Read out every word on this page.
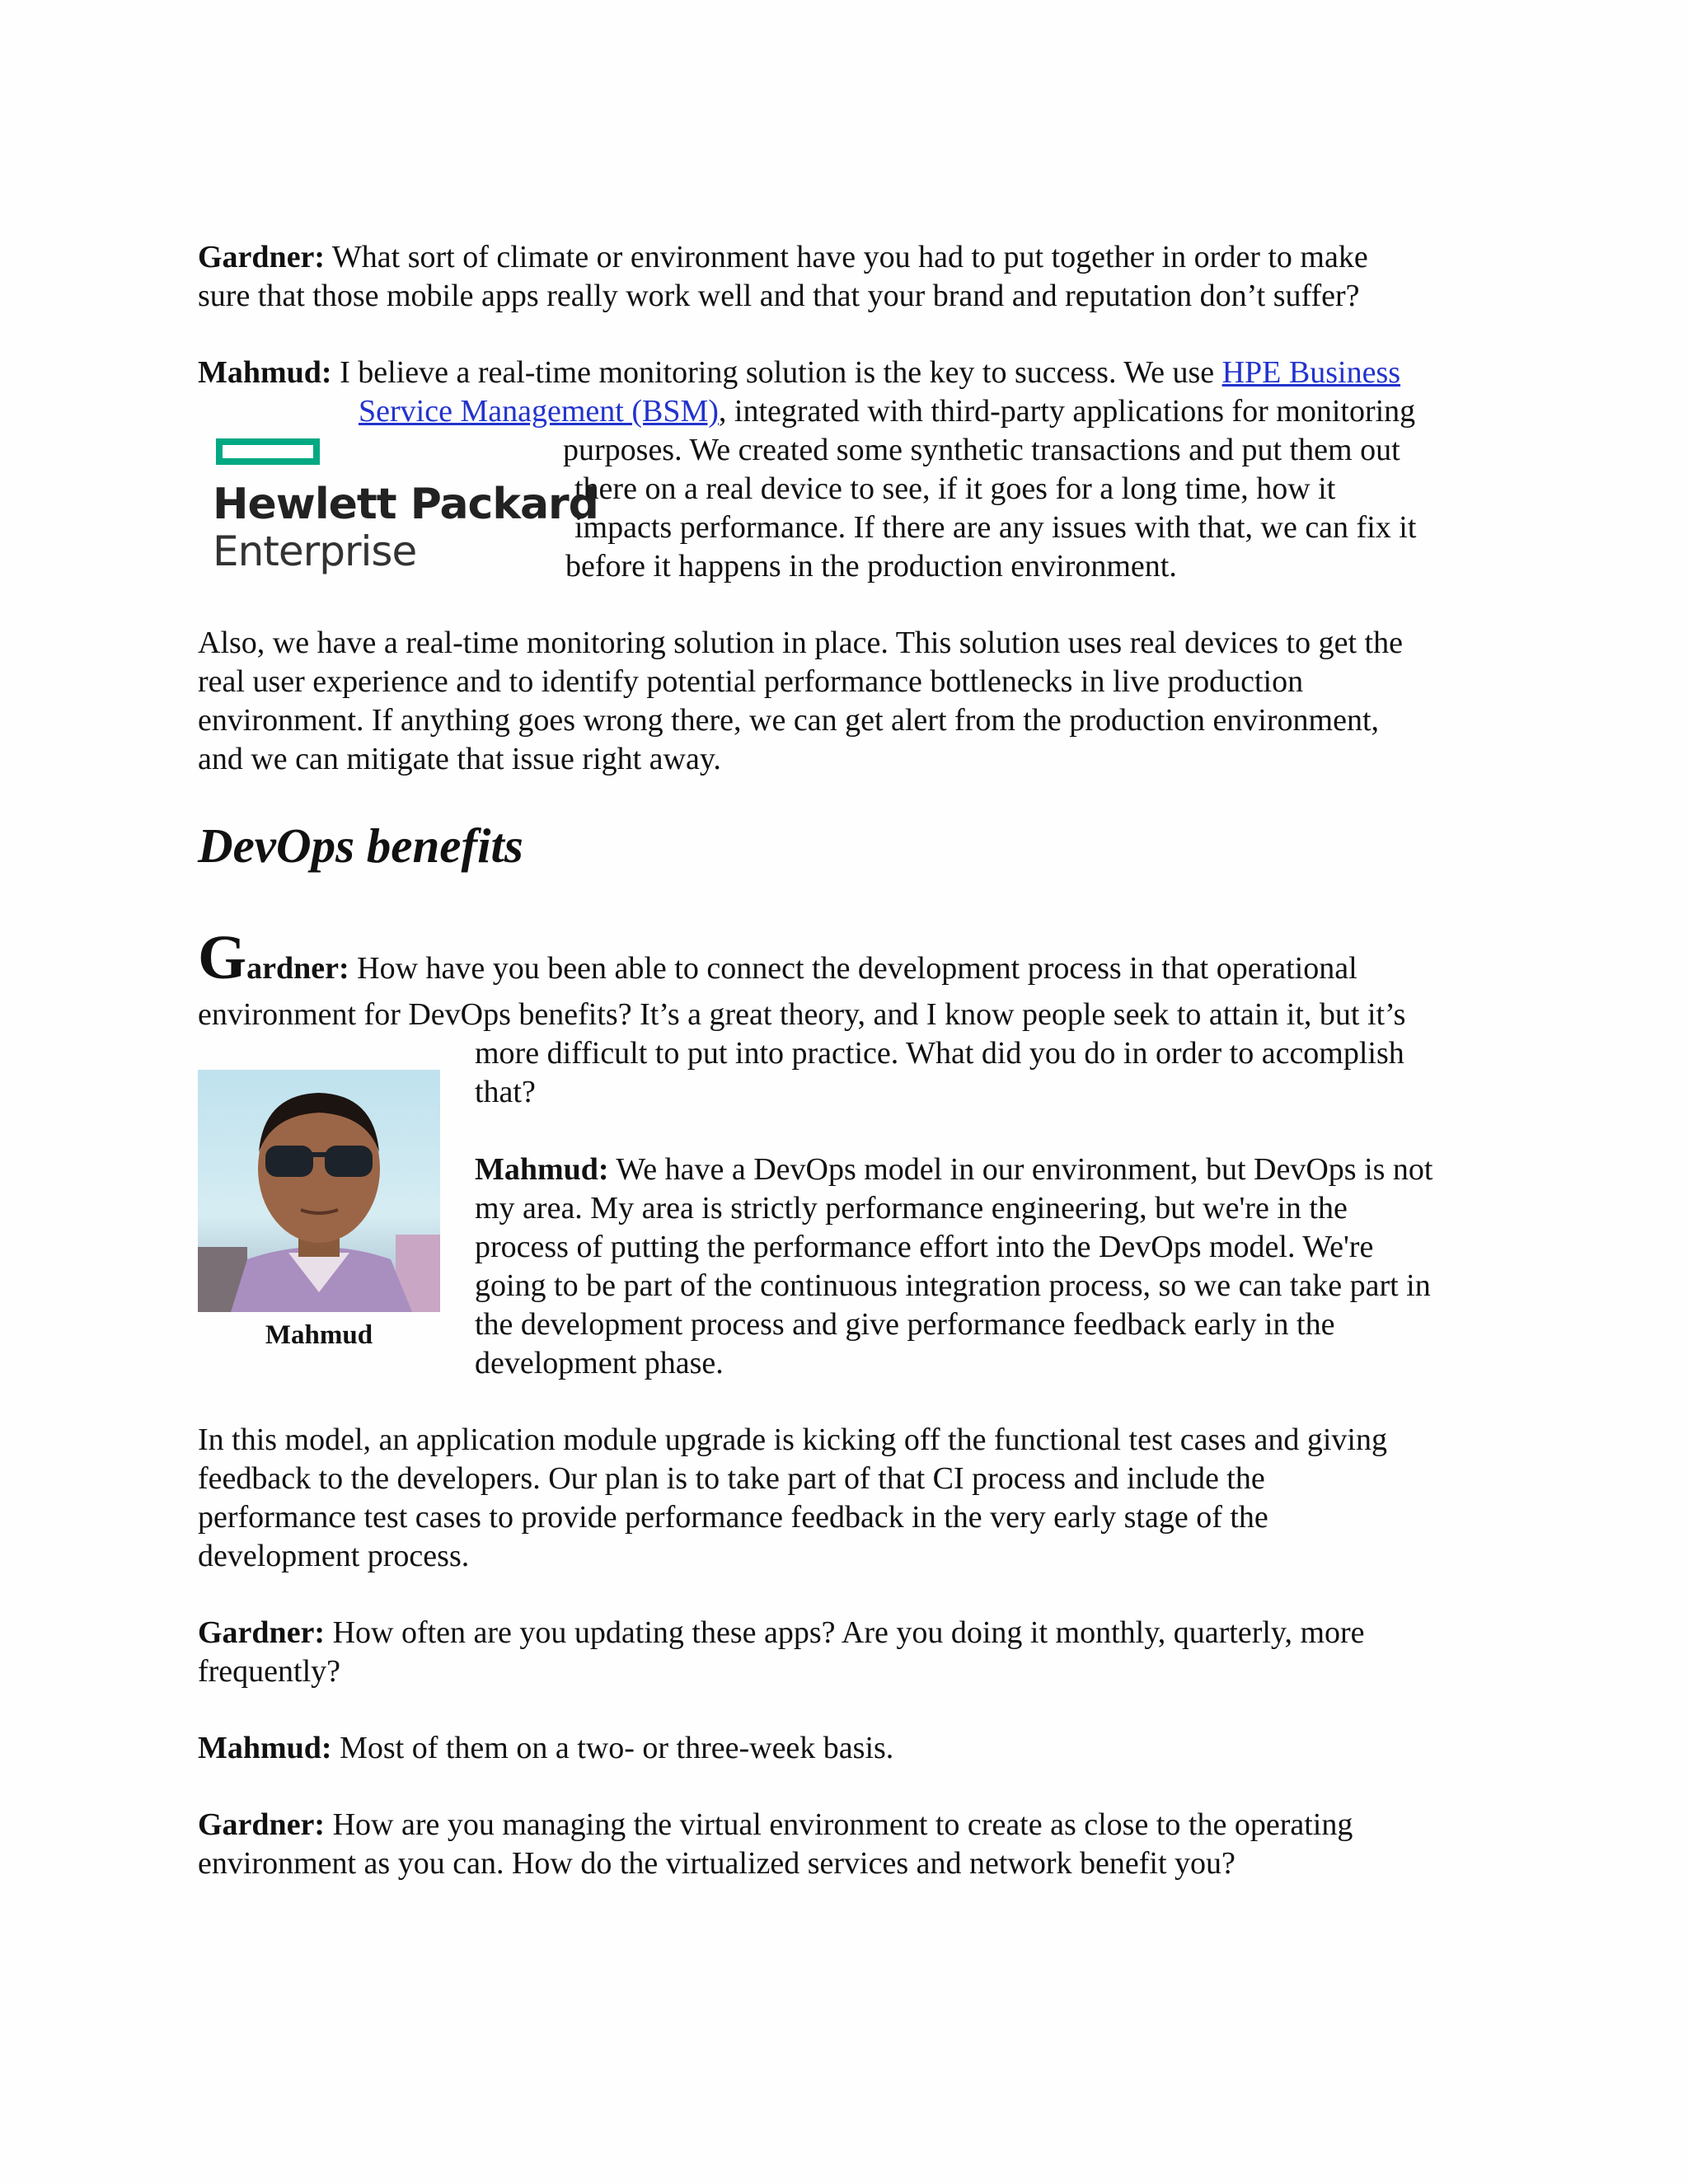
Gardner: What sort of climate or environment have you had to put together in order to make

sure that those mobile apps really work well and that your brand and reputation don’t suffer?

Mahmud: I believe a real-time monitoring solution is the key to success. We use HPE Business

Service Management (BSM), integrated with third-party applications for monitoring

purposes. We created some synthetic transactions and put them out

there on a real device to see, if it goes for a long time, how it

impacts performance. If there are any issues with that, we can fix it

before it happens in the production environment.

Hewlett Packard
Enterprise

Also, we have a real-time monitoring solution in place. This solution uses real devices to get the

real user experience and to identify potential performance bottlenecks in live production

environment. If anything goes wrong there, we can get alert from the production environment,

and we can mitigate that issue right away.

DevOps benefits

Gardner: How have you been able to connect the development process in that operational

environment for DevOps benefits? It’s a great theory, and I know people seek to attain it, but it’s

more difficult to put into practice. What did you do in order to accomplish

that?

Mahmud

Mahmud: We have a DevOps model in our environment, but DevOps is not

my area. My area is strictly performance engineering, but we're in the

process of putting the performance effort into the DevOps model. We're

going to be part of the continuous integration process, so we can take part in

the development process and give performance feedback early in the

development phase.

In this model, an application module upgrade is kicking off the functional test cases and giving

feedback to the developers. Our plan is to take part of that CI process and include the

performance test cases to provide performance feedback in the very early stage of the

development process.

Gardner: How often are you updating these apps? Are you doing it monthly, quarterly, more

frequently?

Mahmud: Most of them on a two- or three-week basis.

Gardner: How are you managing the virtual environment to create as close to the operating

environment as you can. How do the virtualized services and network benefit you?
